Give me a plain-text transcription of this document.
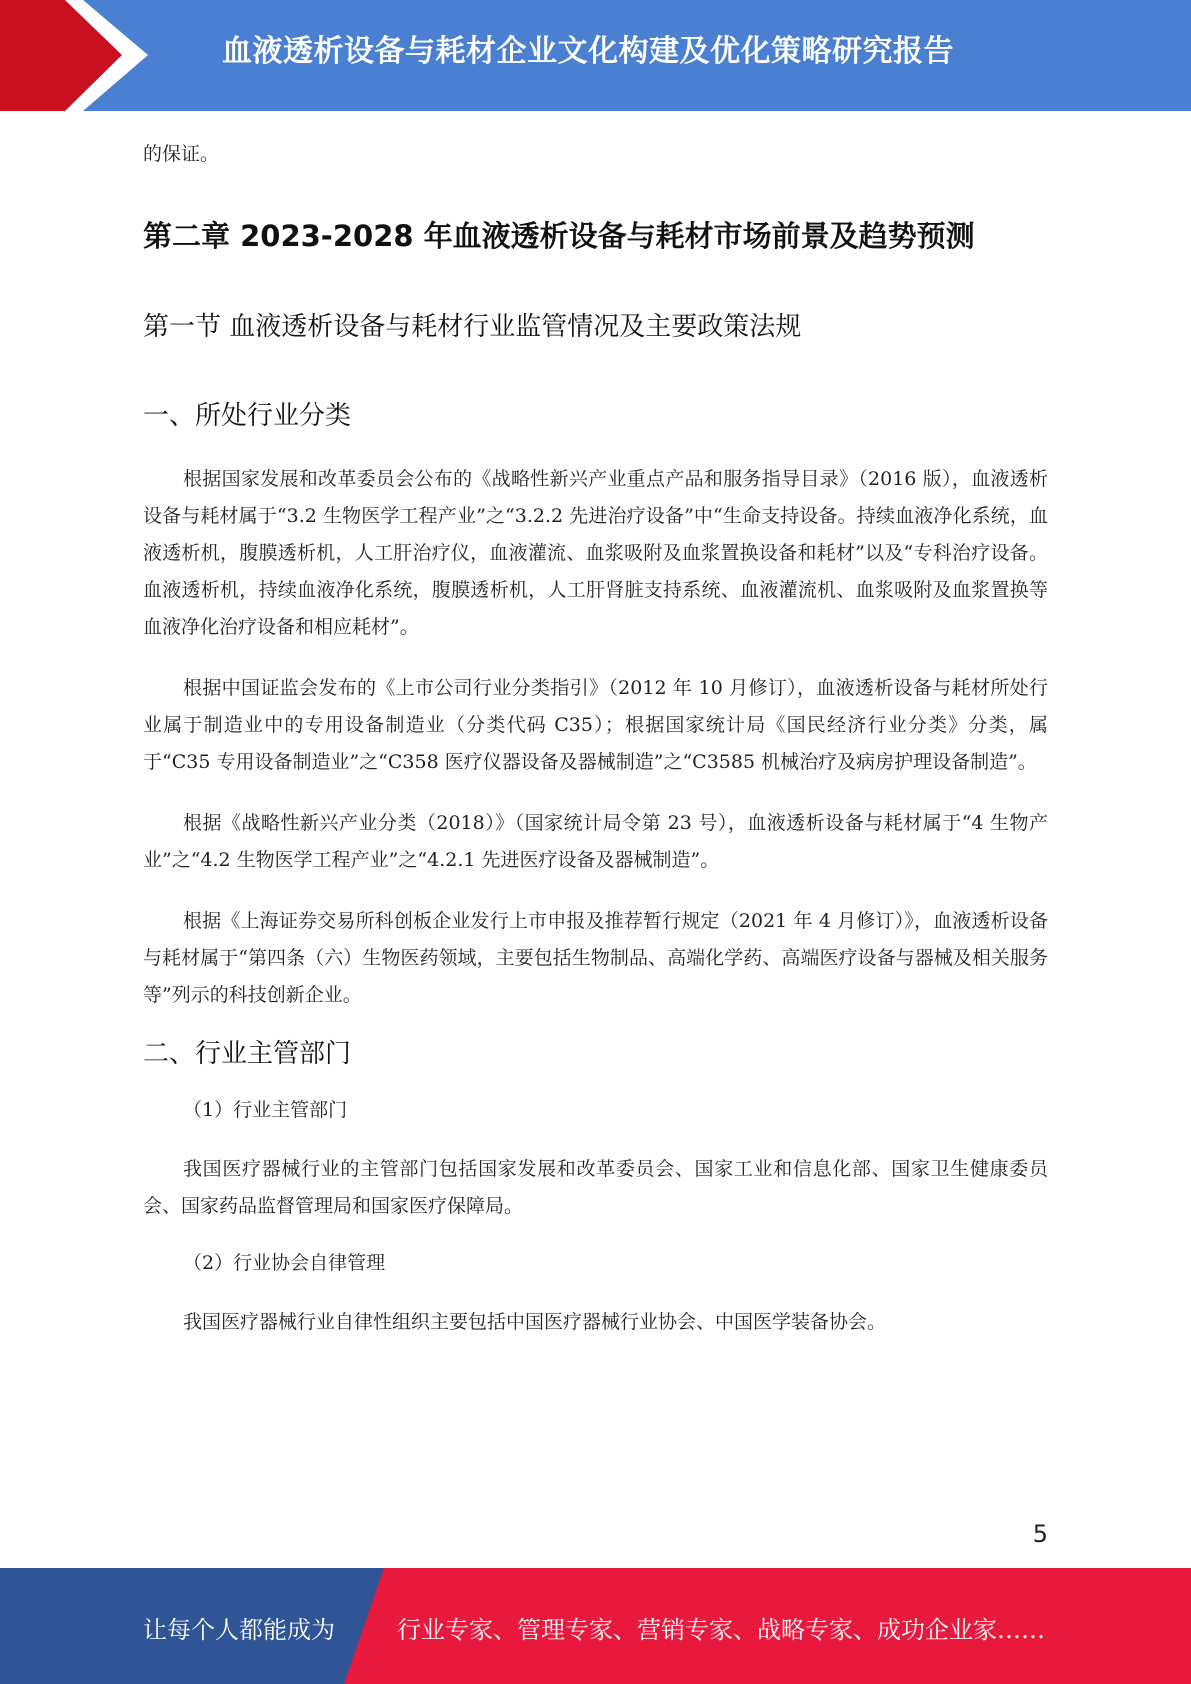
血液透析设备与耗材企业文化构建及优化策略研究报告

的保证。

第二章 2023-2028 年血液透析设备与耗材市场前景及趋势预测
第一节 血液透析设备与耗材行业监管情况及主要政策法规
一、所处行业分类

根据国家发展和改革委员会公布的《战略性新兴产业重点产品和服务指导目录》（2016 版），血液透析设备与耗材属于“3.2 生物医学工程产业”之“3.2.2 先进治疗设备”中“生命支持设备。持续血液净化系统，血液透析机，腹膜透析机，人工肝治疗仪，血液灌流、血浆吸附及血浆置换设备和耗材”以及“专科治疗设备。血液透析机，持续血液净化系统，腹膜透析机，人工肝肾脏支持系统、血液灌流机、血浆吸附及血浆置换等血液净化治疗设备和相应耗材”。

根据中国证监会发布的《上市公司行业分类指引》（2012 年 10 月修订），血液透析设备与耗材所处行业属于制造业中的专用设备制造业（分类代码 C35）；根据国家统计局《国民经济行业分类》分类，属于“C35 专用设备制造业”之“C358 医疗仪器设备及器械制造”之“C3585 机械治疗及病房护理设备制造”。

根据《战略性新兴产业分类（2018）》（国家统计局令第 23 号），血液透析设备与耗材属于“4 生物产业”之“4.2 生物医学工程产业”之“4.2.1 先进医疗设备及器械制造”。

根据《上海证券交易所科创板企业发行上市申报及推荐暂行规定（2021 年 4 月修订）》，血液透析设备与耗材属于“第四条（六）生物医药领域，主要包括生物制品、高端化学药、高端医疗设备与器械及相关服务等”列示的科技创新企业。

二、行业主管部门
（1）行业主管部门

我国医疗器械行业的主管部门包括国家发展和改革委员会、国家工业和信息化部、国家卫生健康委员会、国家药品监督管理局和国家医疗保障局。

（2）行业协会自律管理

我国医疗器械行业自律性组织主要包括中国医疗器械行业协会、中国医学装备协会。

5
让每个人都能成为	行业专家、管理专家、营销专家、战略专家、成功企业家……
